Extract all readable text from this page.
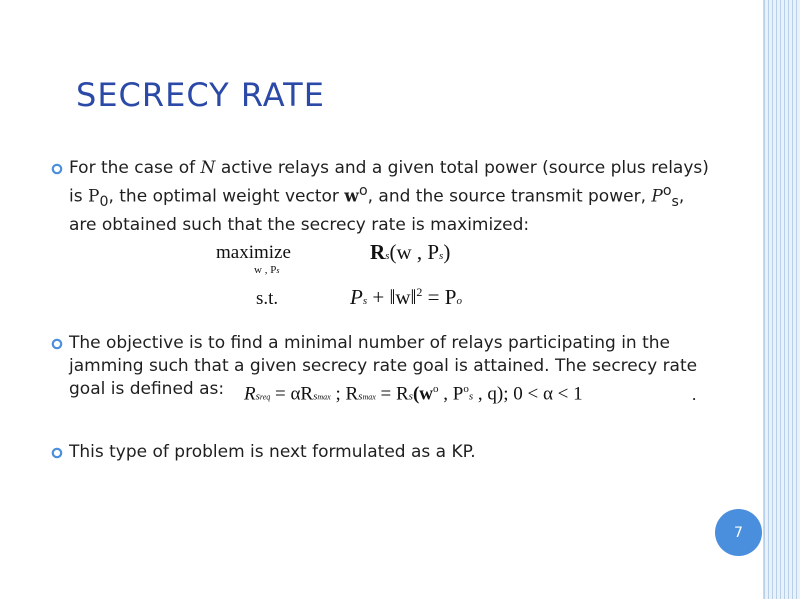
SECRECY RATE
For the case of N active relays and a given total power (source plus relays) is $P_0$, the optimal weight vector $w^o$, and the source transmit power, $P^o_s$, are obtained such that the secrecy rate is maximized:
maximize
w , Ps
Rs(w , Ps)
s.t.	Ps + ‖w‖$^2$ = Po
The objective is to find a minimal number of relays participating in the jamming such that a given secrecy rate goal is attained. The secrecy rate goal is defined as:	Rsreq = αRsmax ; $Rsmax = Rs(w^o$ , $P^os$ , q); 0 < α < 1	.
This type of problem is next formulated as a KP.
7
